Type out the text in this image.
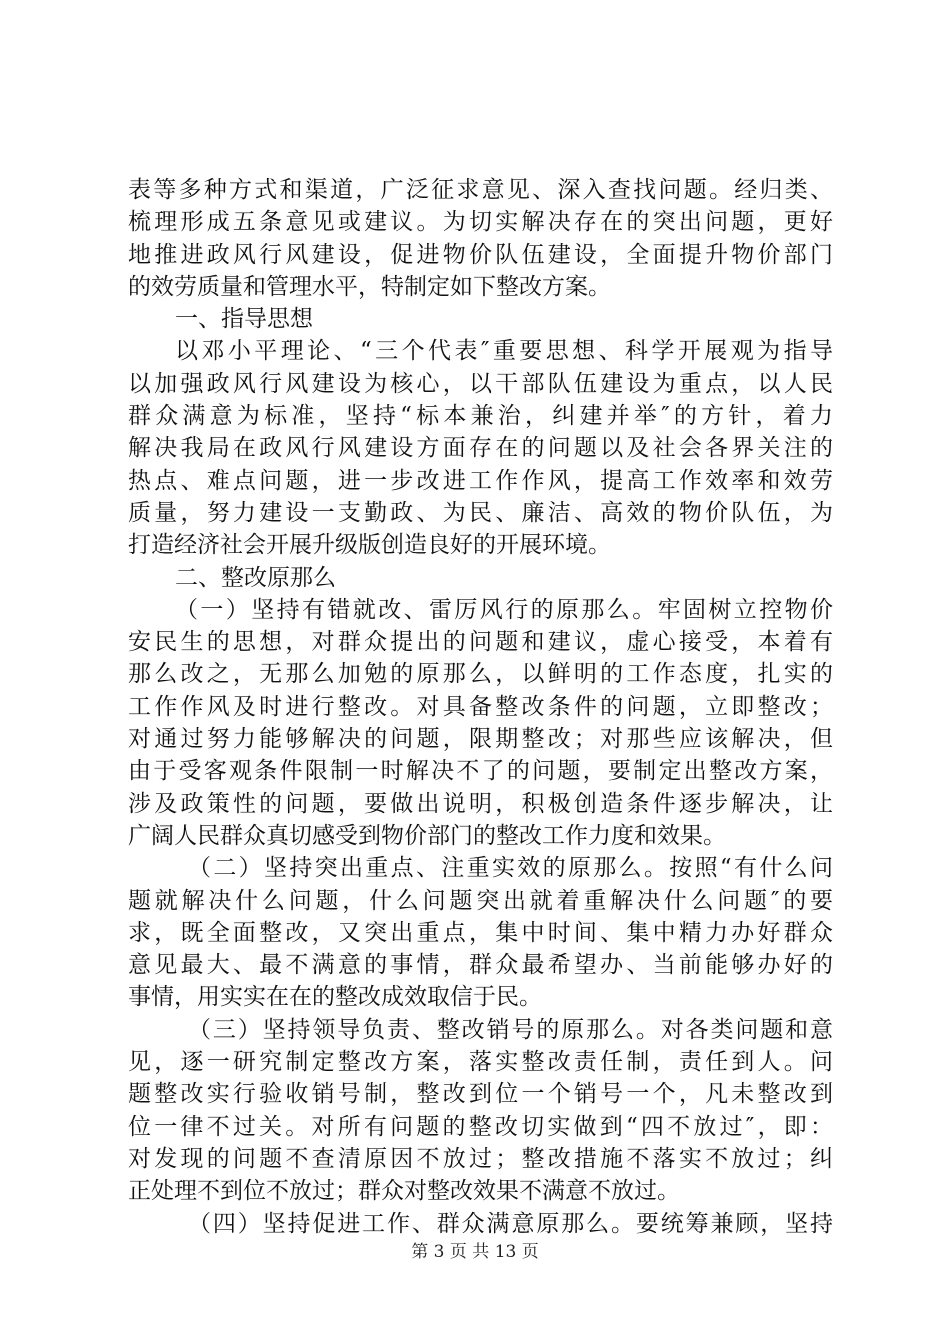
表等多种方式和渠道，广泛征求意见、深入查找问题。经归类、
梳理形成五条意见或建议。为切实解决存在的突出问题，更好
地推进政风行风建设，促进物价队伍建设，全面提升物价部门
的效劳质量和管理水平，特制定如下整改方案。
一、指导思想
以邓小平理论、“三个代表″重要思想、科学开展观为指导
以加强政风行风建设为核心，以干部队伍建设为重点，以人民
群众满意为标准，坚持“标本兼治，纠建并举″的方针，着力
解决我局在政风行风建设方面存在的问题以及社会各界关注的
热点、难点问题，进一步改进工作作风，提高工作效率和效劳
质量，努力建设一支勤政、为民、廉洁、高效的物价队伍，为
打造经济社会开展升级版创造良好的开展环境。
二、整改原那么
（一）坚持有错就改、雷厉风行的原那么。牢固树立控物价
安民生的思想，对群众提出的问题和建议，虚心接受，本着有
那么改之，无那么加勉的原那么，以鲜明的工作态度，扎实的
工作作风及时进行整改。对具备整改条件的问题，立即整改；
对通过努力能够解决的问题，限期整改；对那些应该解决，但
由于受客观条件限制一时解决不了的问题，要制定出整改方案，
涉及政策性的问题，要做出说明，积极创造条件逐步解决，让
广阔人民群众真切感受到物价部门的整改工作力度和效果。
（二）坚持突出重点、注重实效的原那么。按照“有什么问
题就解决什么问题，什么问题突出就着重解决什么问题″的要
求，既全面整改，又突出重点，集中时间、集中精力办好群众
意见最大、最不满意的事情，群众最希望办、当前能够办好的
事情，用实实在在的整改成效取信于民。
（三）坚持领导负责、整改销号的原那么。对各类问题和意
见，逐一研究制定整改方案，落实整改责任制，责任到人。问
题整改实行验收销号制，整改到位一个销号一个，凡未整改到
位一律不过关。对所有问题的整改切实做到“四不放过″，即：
对发现的问题不查清原因不放过；整改措施不落实不放过；纠
正处理不到位不放过；群众对整改效果不满意不放过。
（四）坚持促进工作、群众满意原那么。要统筹兼顾，坚持
第 3 页 共 13 页
